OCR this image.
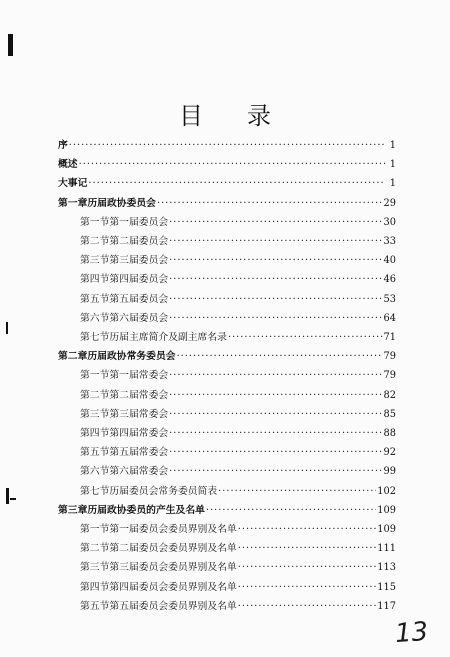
目录
序 ·····	1
概述 ·····	1
大事记 ·····	1
第一章 历届政协委员会 ·····	29
第一节 第一届委员会 ·····	30
第二节 第二届委员会 ·····	33
第三节 第三届委员会 ·····	40
第四节 第四届委员会 ·····	46
第五节 第五届委员会 ·····	53
第六节 第六届委员会 ·····	64
第七节 历届主席简介及副主席名录 ·····	71
第二章 历届政协常务委员会 ·····	79
第一节 第一届常委会 ·····	79
第二节 第二届常委会 ·····	82
第三节 第三届常委会 ·····	85
第四节 第四届常委会 ·····	88
第五节 第五届常委会 ·····	92
第六节 第六届常委会 ·····	99
第七节 历届委员会常务委员简表 ·····	102
第三章 历届政协委员的产生及名单 ·····	109
第一节 第一届委员会委员界别及名单 ·····	109
第二节 第二届委员会委员界别及名单 ·····	111
第三节 第三届委员会委员界别及名单 ·····	113
第四节 第四届委员会委员界别及名单 ·····	115
第五节 第五届委员会委员界别及名单 ·····	117
13
